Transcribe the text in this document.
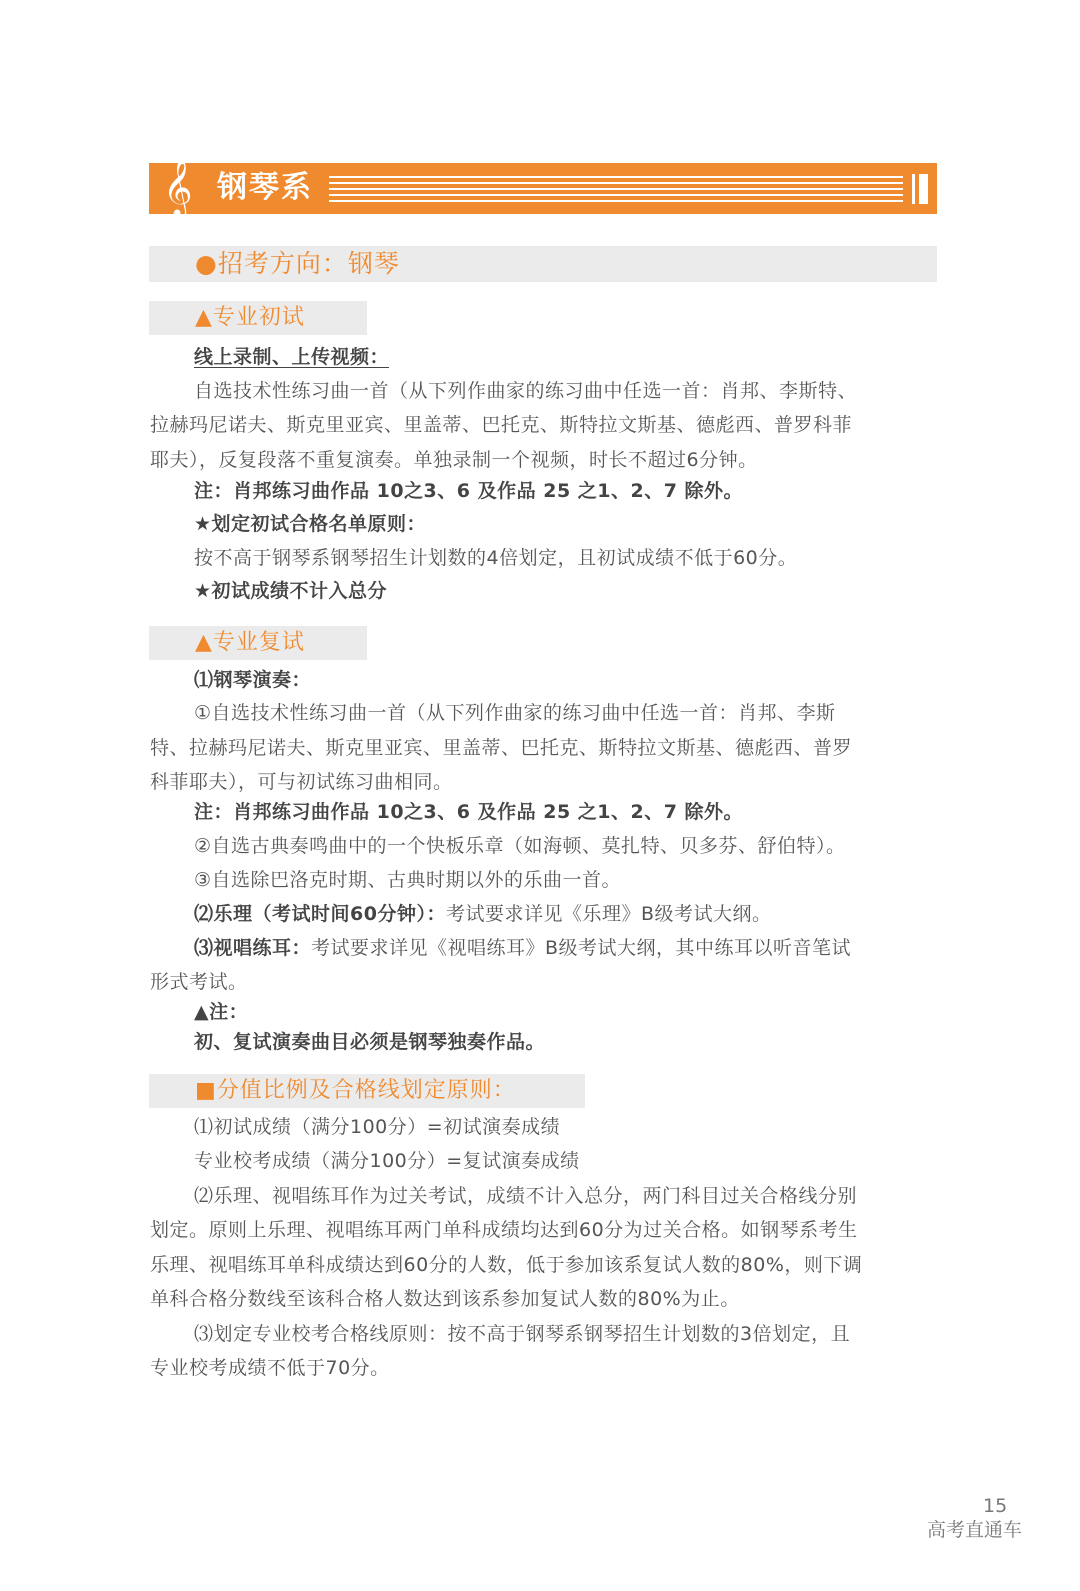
𝄞 钢琴系
●招考方向：钢琴
▲专业初试
线上录制、上传视频：
自选技术性练习曲一首（从下列作曲家的练习曲中任选一首：肖邦、李斯特、
拉赫玛尼诺夫、斯克里亚宾、里盖蒂、巴托克、斯特拉文斯基、德彪西、普罗科菲
耶夫），反复段落不重复演奏。单独录制一个视频，时长不超过6分钟。
注：肖邦练习曲作品 10之3、6 及作品 25 之1、2、7 除外。
★划定初试合格名单原则：
按不高于钢琴系钢琴招生计划数的4倍划定，且初试成绩不低于60分。
★初试成绩不计入总分
▲专业复试
⑴钢琴演奏：
①自选技术性练习曲一首（从下列作曲家的练习曲中任选一首：肖邦、李斯
特、拉赫玛尼诺夫、斯克里亚宾、里盖蒂、巴托克、斯特拉文斯基、德彪西、普罗
科菲耶夫），可与初试练习曲相同。
注：肖邦练习曲作品 10之3、6 及作品 25 之1、2、7 除外。
②自选古典奏鸣曲中的一个快板乐章（如海顿、莫扎特、贝多芬、舒伯特）。
③自选除巴洛克时期、古典时期以外的乐曲一首。
⑵乐理（考试时间60分钟）：考试要求详见《乐理》B级考试大纲。
⑶视唱练耳：考试要求详见《视唱练耳》B级考试大纲，其中练耳以听音笔试
形式考试。
▲注：
初、复试演奏曲目必须是钢琴独奏作品。
■分值比例及合格线划定原则：
⑴初试成绩（满分100分）=初试演奏成绩
专业校考成绩（满分100分）=复试演奏成绩
⑵乐理、视唱练耳作为过关考试，成绩不计入总分，两门科目过关合格线分别
划定。原则上乐理、视唱练耳两门单科成绩均达到60分为过关合格。如钢琴系考生
乐理、视唱练耳单科成绩达到60分的人数，低于参加该系复试人数的80%，则下调
单科合格分数线至该科合格人数达到该系参加复试人数的80%为止。
⑶划定专业校考合格线原则：按不高于钢琴系钢琴招生计划数的3倍划定，且
专业校考成绩不低于70分。
15
高考直通车
